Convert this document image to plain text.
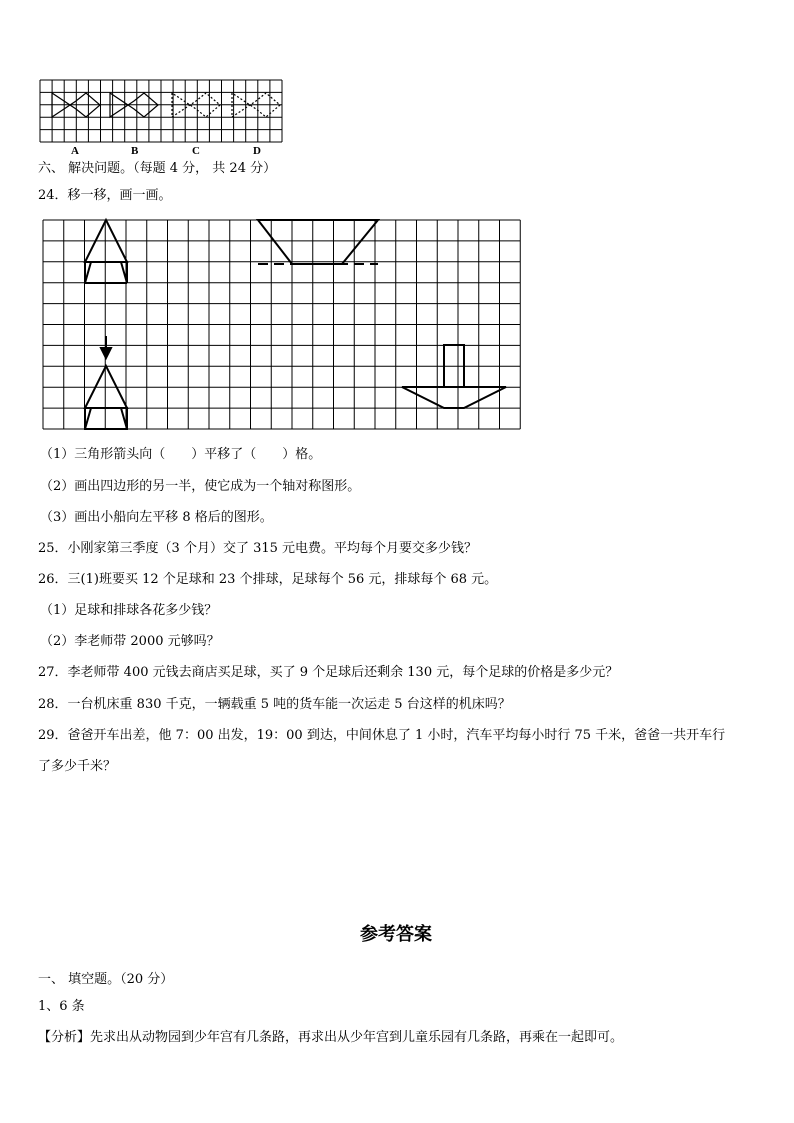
A	B	C	D
六、 解决问题。（每题 4 分， 共 24 分）
24．移一移，画一画。
（1）三角形箭头向（　　）平移了（　　）格。
（2）画出四边形的另一半，使它成为一个轴对称图形。
（3）画出小船向左平移 8 格后的图形。
25．小刚家第三季度（3 个月）交了 315 元电费。平均每个月要交多少钱？
26．三(1)班要买 12 个足球和 23 个排球，足球每个 56 元，排球每个 68 元。
（1）足球和排球各花多少钱？
（2）李老师带 2000 元够吗？
27．李老师带 400 元钱去商店买足球，买了 9 个足球后还剩余 130 元，每个足球的价格是多少元？
28．一台机床重 830 千克，一辆载重 5 吨的货车能一次运走 5 台这样的机床吗？
29．爸爸开车出差，他 7：00 出发，19：00 到达，中间休息了 1 小时，汽车平均每小时行 75 千米，爸爸一共开车行
了多少千米？
参考答案
一、 填空题。（20 分）
1、6 条
【分析】先求出从动物园到少年宫有几条路，再求出从少年宫到儿童乐园有几条路，再乘在一起即可。
